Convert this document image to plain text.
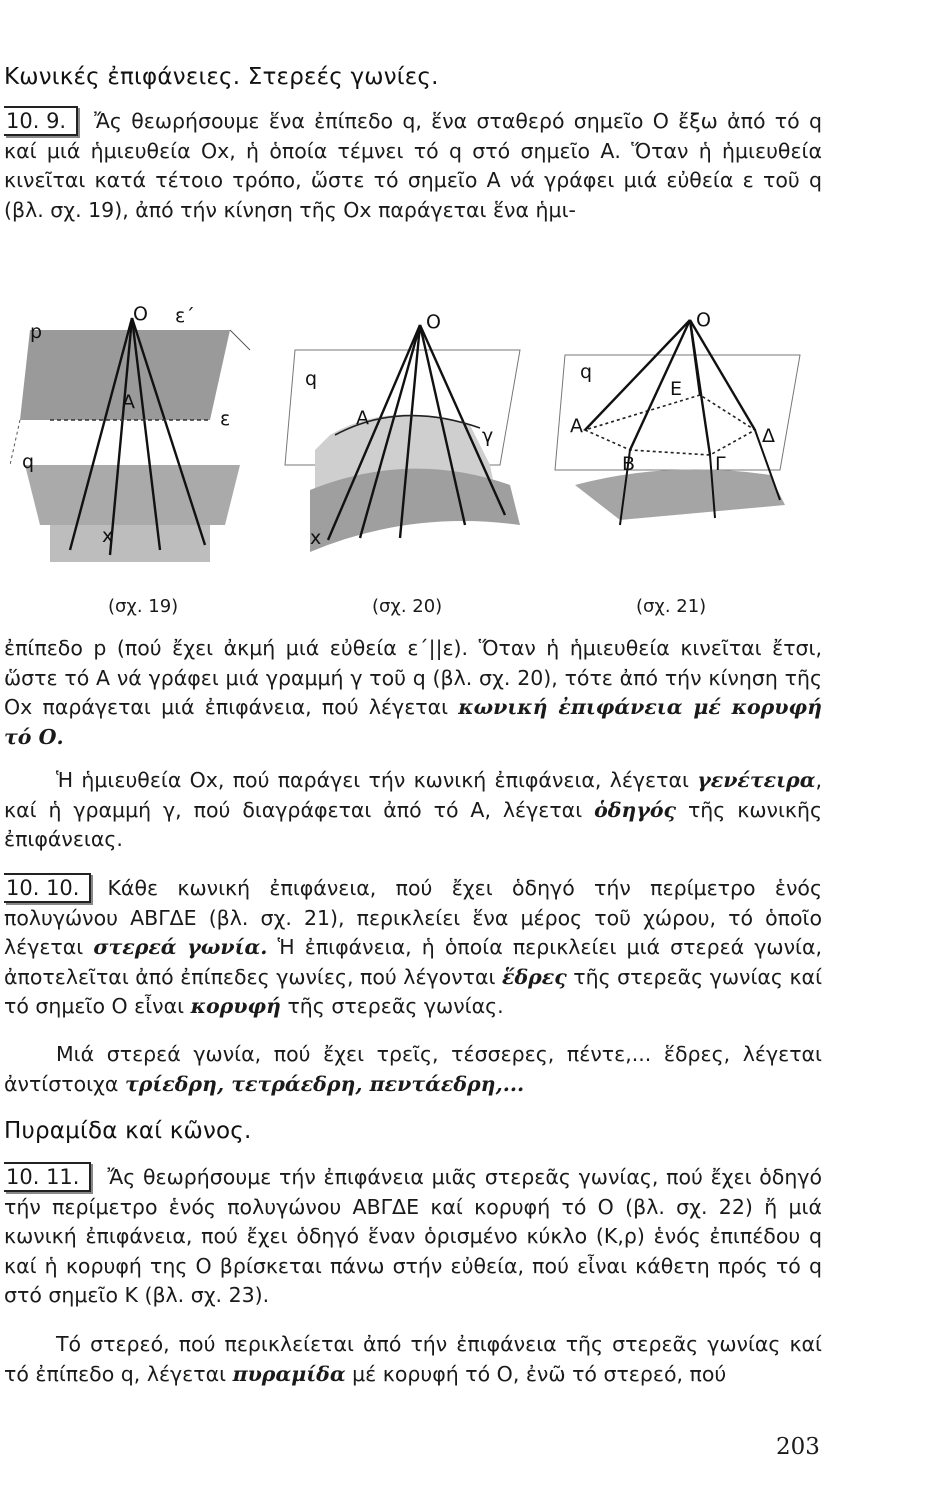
Κωνικές ἐπιφάνειες. Στερεές γωνίες.
10. 9. Ἄς θεωρήσουμε ἕνα ἐπίπεδο q, ἕνα σταθερό σημεῖο Ο ἔξω ἀπό τό q καί μιά ἡμιευθεία Οx, ἡ ὁποία τέμνει τό q στό σημεῖο Α. Ὅταν ἡ ἡμιευθεία κινεῖται κατά τέτοιο τρόπο, ὥστε τό σημεῖο Α νά γράφει μιά εὐθεία ε τοῦ q (βλ. σχ. 19), ἀπό τήν κίνηση τῆς Οx παράγεται ἕνα ἡμι-
p
Ο ε΄
Α
ε
q
x
Ο
q
Α
γ
x
Ο
q
Ε
Α	Δ
Β	Γ
(σχ. 19)	(σχ. 20)	(σχ. 21)
ἐπίπεδο p (πού ἔχει ἀκμή μιά εὐθεία ε΄||ε). Ὅταν ἡ ἡμιευθεία κινεῖται ἔτσι, ὥστε τό Α νά γράφει μιά γραμμή γ τοῦ q (βλ. σχ. 20), τότε ἀπό τήν κίνηση τῆς Οx παράγεται μιά ἐπιφάνεια, πού λέγεται κωνική ἐπιφάνεια μέ κορυφή τό Ο.
Ἡ ἡμιευθεία Οx, πού παράγει τήν κωνική ἐπιφάνεια, λέγεται γενέτειρα, καί ἡ γραμμή γ, πού διαγράφεται ἀπό τό Α, λέγεται ὁδηγός τῆς κωνικῆς ἐπιφάνειας.
10. 10. Κάθε κωνική ἐπιφάνεια, πού ἔχει ὁδηγό τήν περίμετρο ἑνός πολυγώνου ΑΒΓΔΕ (βλ. σχ. 21), περικλείει ἕνα μέρος τοῦ χώρου, τό ὁποῖο λέγεται στερεά γωνία. Ἡ ἐπιφάνεια, ἡ ὁποία περικλείει μιά στερεά γωνία, ἀποτελεῖται ἀπό ἐπίπεδες γωνίες, πού λέγονται ἕδρες τῆς στερεᾶς γωνίας καί τό σημεῖο Ο εἶναι κορυφή τῆς στερεᾶς γωνίας.
Μιά στερεά γωνία, πού ἔχει τρεῖς, τέσσερες, πέντε,... ἕδρες, λέγεται ἀντίστοιχα τρίεδρη, τετράεδρη, πεντάεδρη,...
Πυραμίδα καί κῶνος.
10. 11. Ἄς θεωρήσουμε τήν ἐπιφάνεια μιᾶς στερεᾶς γωνίας, πού ἔχει ὁδηγό τήν περίμετρο ἑνός πολυγώνου ΑΒΓΔΕ καί κορυφή τό Ο (βλ. σχ. 22) ἤ μιά κωνική ἐπιφάνεια, πού ἔχει ὁδηγό ἕναν ὁρισμένο κύκλο (Κ,ρ) ἑνός ἐπιπέδου q καί ἡ κορυφή της Ο βρίσκεται πάνω στήν εὐθεία, πού εἶναι κάθετη πρός τό q στό σημεῖο Κ (βλ. σχ. 23).
Τό στερεό, πού περικλείεται ἀπό τήν ἐπιφάνεια τῆς στερεᾶς γωνίας καί τό ἐπίπεδο q, λέγεται πυραμίδα μέ κορυφή τό Ο, ἐνῶ τό στερεό, πού
203
